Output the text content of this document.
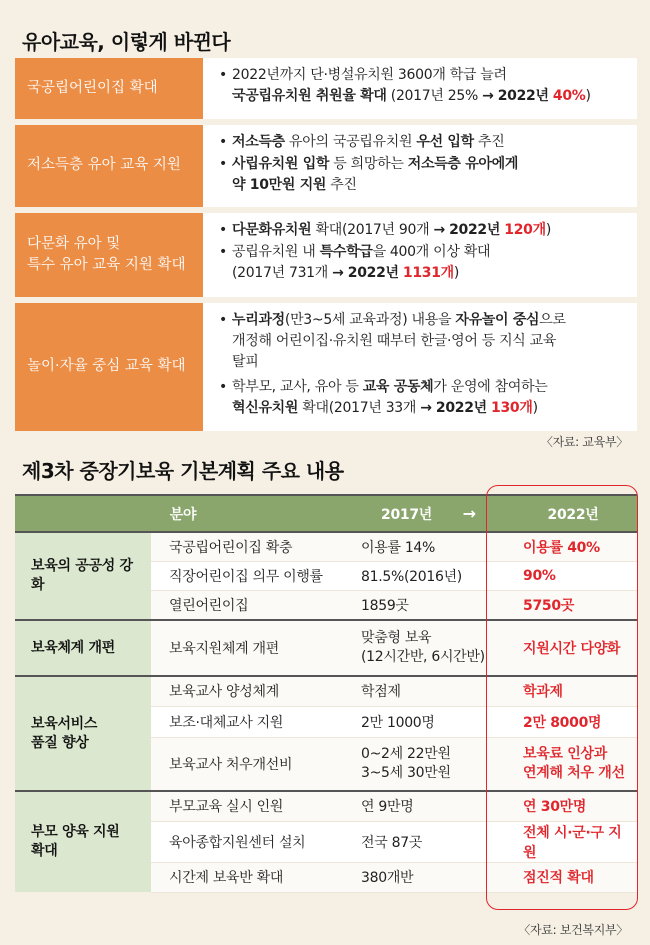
유아교육, 이렇게 바뀐다
국공립어린이집 확대
• 2022년까지 단·병설유치원 3600개 학급 늘려
국공립유치원 취원율 확대 (2017년 25% → 2022년 40%)
저소득층 유아 교육 지원
• 저소득층 유아의 국공립유치원 우선 입학 추진
• 사립유치원 입학 등 희망하는 저소득층 유아에게
약 10만원 지원 추진
다문화 유아 및
특수 유아 교육 지원 확대
• 다문화유치원 확대(2017년 90개 → 2022년 120개)
• 공립유치원 내 특수학급을 400개 이상 확대
(2017년 731개 → 2022년 1131개)
놀이·자율 중심 교육 확대
• 누리과정(만3~5세 교육과정) 내용을 자유놀이 중심으로
개정해 어린이집·유치원 때부터 한글·영어 등 지식 교육
탈피
• 학부모, 교사, 유아 등 교육 공동체가 운영에 참여하는
혁신유치원 확대(2017년 33개 → 2022년 130개)
〈자료: 교육부〉
제3차 중장기보육 기본계획 주요 내용
분야		2017년 →	2022년
보육의 공공성 강화	국공립어린이집 확충	이용률 14%	이용률 40%
	직장어린이집 의무 이행률	81.5%(2016년)	90%
	열린어린이집	1859곳	5750곳
보육체계 개편	보육지원체계 개편	맞춤형 보육
(12시간반, 6시간반)	지원시간 다양화
보육서비스
품질 향상	보육교사 양성체계	학점제	학과제
	보조·대체교사 지원	2만 1000명	2만 8000명
	보육교사 처우개선비	0~2세 22만원
3~5세 30만원	보육료 인상과
연계해 처우 개선
부모 양육 지원
확대	부모교육 실시 인원	연 9만명	연 30만명
	육아종합지원센터 설치	전국 87곳	전체 시·군·구 지원
	시간제 보육반 확대	380개반	점진적 확대
〈자료: 보건복지부〉
